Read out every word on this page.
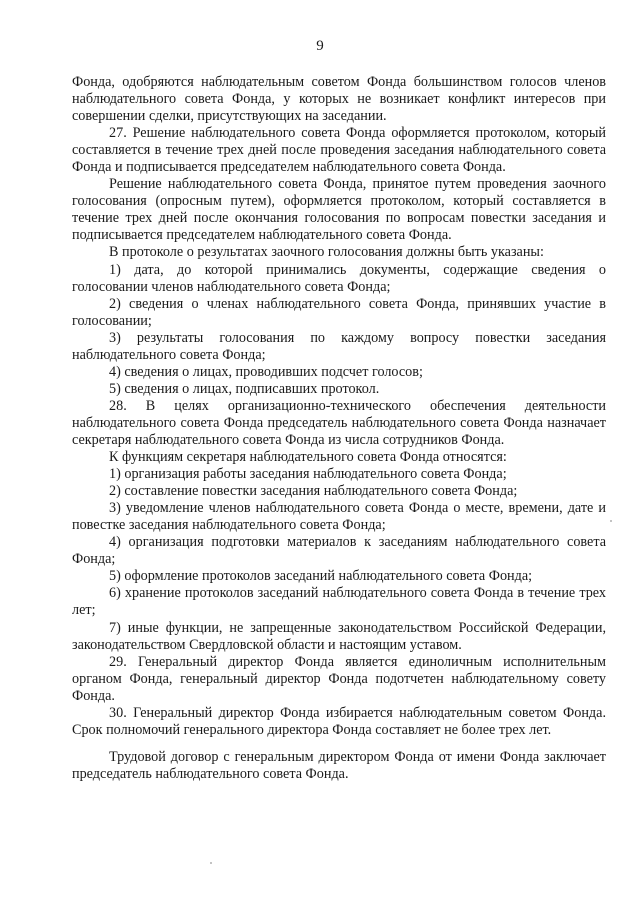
9

Фонда, одобряются наблюдательным советом Фонда большинством голосов членов наблюдательного совета Фонда, у которых не возникает конфликт интересов при совершении сделки, присутствующих на заседании.

27. Решение наблюдательного совета Фонда оформляется протоколом, который составляется в течение трех дней после проведения заседания наблюдательного совета Фонда и подписывается председателем наблюдательного совета Фонда.

Решение наблюдательного совета Фонда, принятое путем проведения заочного голосования (опросным путем), оформляется протоколом, который составляется в течение трех дней после окончания голосования по вопросам повестки заседания и подписывается председателем наблюдательного совета Фонда.

В протоколе о результатах заочного голосования должны быть указаны:

1) дата, до которой принимались документы, содержащие сведения о голосовании членов наблюдательного совета Фонда;

2) сведения о членах наблюдательного совета Фонда, принявших участие в голосовании;

3) результаты голосования по каждому вопросу повестки заседания наблюдательного совета Фонда;

4) сведения о лицах, проводивших подсчет голосов;

5) сведения о лицах, подписавших протокол.

28. В целях организационно-технического обеспечения деятельности наблюдательного совета Фонда председатель наблюдательного совета Фонда назначает секретаря наблюдательного совета Фонда из числа сотрудников Фонда.

К функциям секретаря наблюдательного совета Фонда относятся:

1) организация работы заседания наблюдательного совета Фонда;

2) составление повестки заседания наблюдательного совета Фонда;

3) уведомление членов наблюдательного совета Фонда о месте, времени, дате и повестке заседания наблюдательного совета Фонда;

4) организация подготовки материалов к заседаниям наблюдательного совета Фонда;

5) оформление протоколов заседаний наблюдательного совета Фонда;

6) хранение протоколов заседаний наблюдательного совета Фонда в течение трех лет;

7) иные функции, не запрещенные законодательством Российской Федерации, законодательством Свердловской области и настоящим уставом.

29. Генеральный директор Фонда является единоличным исполнительным органом Фонда, генеральный директор Фонда подотчетен наблюдательному совету Фонда.

30. Генеральный директор Фонда избирается наблюдательным советом Фонда. Срок полномочий генерального директора Фонда составляет не более трех лет.

Трудовой договор с генеральным директором Фонда от имени Фонда заключает председатель наблюдательного совета Фонда.
